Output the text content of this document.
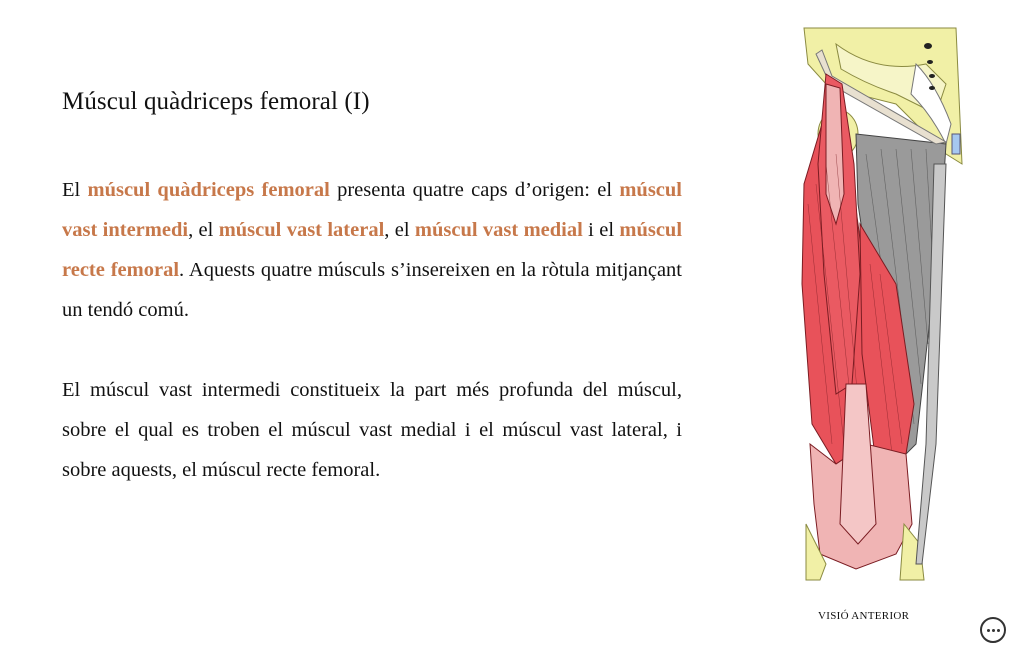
Múscul quàdriceps femoral (I)

El múscul quàdriceps femoral presenta quatre caps d’origen: el múscul vast intermedi, el múscul vast lateral, el múscul vast medial i el múscul recte femoral. Aquests quatre músculs s’insereixen en la ròtula mitjançant un tendó comú.

El múscul vast intermedi constitueix la part més profunda del múscul, sobre el qual es troben el múscul vast medial i el múscul vast lateral, i sobre aquests, el múscul recte femoral.

VISIÓ ANTERIOR
